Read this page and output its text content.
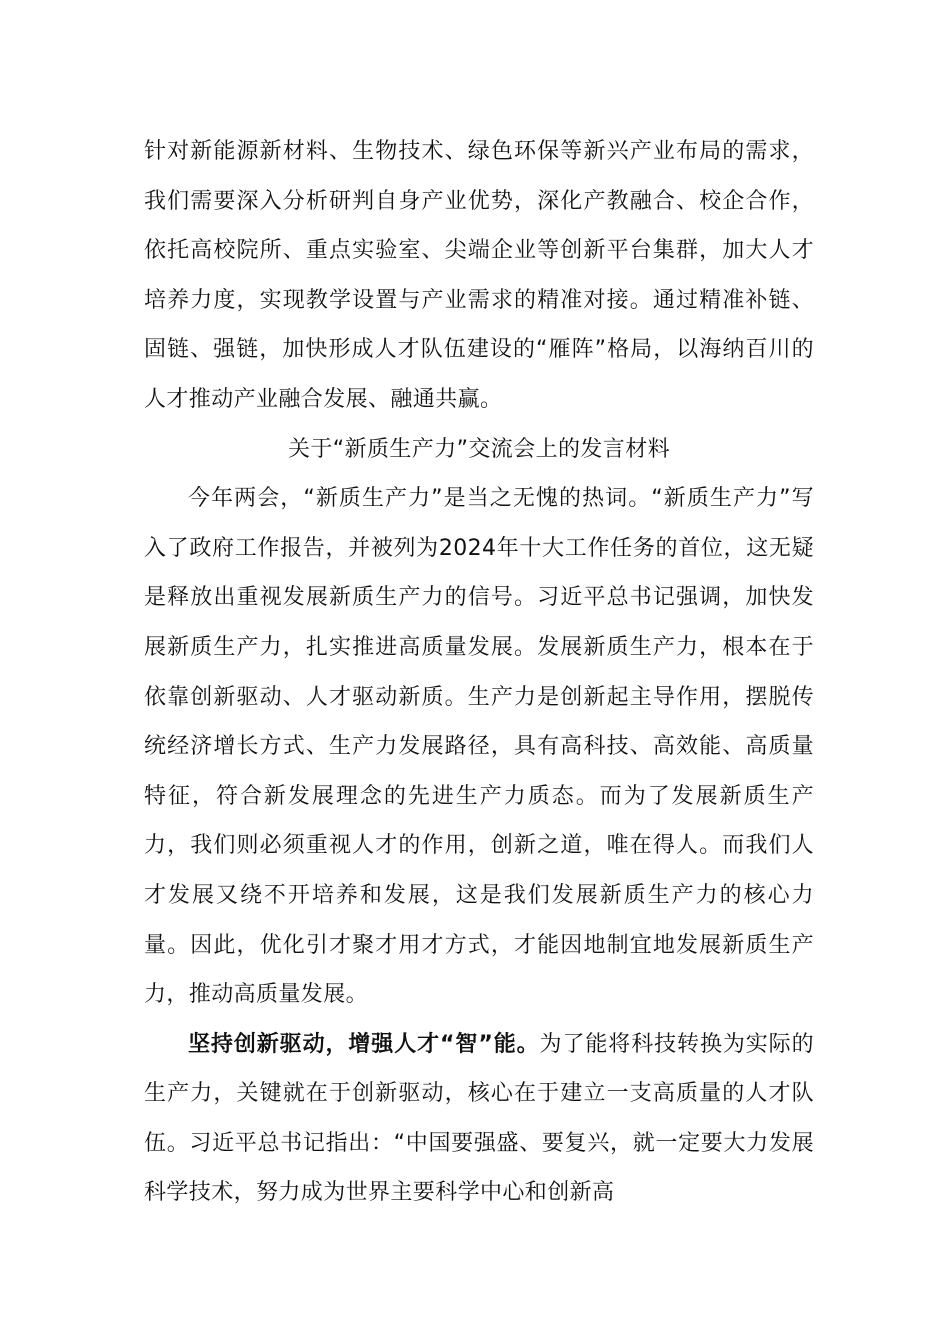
针对新能源新材料、生物技术、绿色环保等新兴产业布局的需求，我们需要深入分析研判自身产业优势，深化产教融合、校企合作，依托高校院所、重点实验室、尖端企业等创新平台集群，加大人才培养力度，实现教学设置与产业需求的精准对接。通过精准补链、固链、强链，加快形成人才队伍建设的“雁阵”格局，以海纳百川的人才推动产业融合发展、融通共赢。

关于“新质生产力”交流会上的发言材料

今年两会，“新质生产力”是当之无愧的热词。“新质生产力”写入了政府工作报告，并被列为2024年十大工作任务的首位，这无疑是释放出重视发展新质生产力的信号。习近平总书记强调，加快发展新质生产力，扎实推进高质量发展。发展新质生产力，根本在于依靠创新驱动、人才驱动新质。生产力是创新起主导作用，摆脱传统经济增长方式、生产力发展路径，具有高科技、高效能、高质量特征，符合新发展理念的先进生产力质态。而为了发展新质生产力，我们则必须重视人才的作用，创新之道，唯在得人。而我们人才发展又绕不开培养和发展，这是我们发展新质生产力的核心力量。因此，优化引才聚才用才方式，才能因地制宜地发展新质生产力，推动高质量发展。

坚持创新驱动，增强人才“智”能。为了能将科技转换为实际的生产力，关键就在于创新驱动，核心在于建立一支高质量的人才队伍。习近平总书记指出：“中国要强盛、要复兴，就一定要大力发展科学技术，努力成为世界主要科学中心和创新高
